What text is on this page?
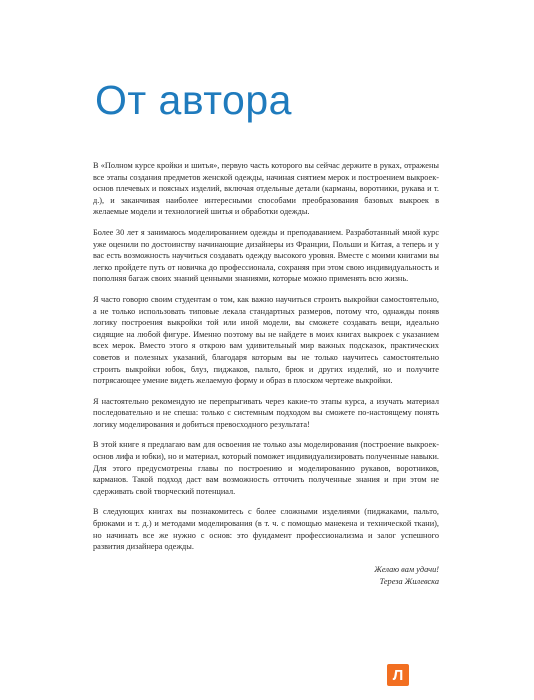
От автора

В «Полном курсе кройки и шитья», первую часть которого вы сейчас держите в руках, отражены все этапы создания предметов женской одежды, начиная снятием мерок и построением выкроек-основ плечевых и поясных изделий, включая отдельные детали (карманы, воротники, рукава и т. д.), и заканчивая наиболее интересными способами преобразования базовых выкроек в желаемые модели и технологией шитья и обработки одежды.

Более 30 лет я занимаюсь моделированием одежды и преподаванием. Разработанный мной курс уже оценили по достоинству начинающие дизайнеры из Франции, Польши и Китая, а теперь и у вас есть возможность научиться создавать одежду высокого уровня. Вместе с моими книгами вы легко пройдете путь от новичка до профессионала, сохраняя при этом свою индивидуальность и пополняя багаж своих знаний ценными знаниями, которые можно применять всю жизнь.

Я часто говорю своим студентам о том, как важно научиться строить выкройки самостоятельно, а не только использовать типовые лекала стандартных размеров, потому что, однажды поняв логику построения выкройки той или иной модели, вы сможете создавать вещи, идеально сидящие на любой фигуре. Именно поэтому вы не найдете в моих книгах выкроек с указанием всех мерок. Вместо этого я открою вам удивительный мир важных подсказок, практических советов и полезных указаний, благодаря которым вы не только научитесь самостоятельно строить выкройки юбок, блуз, пиджаков, пальто, брюк и других изделий, но и получите потрясающее умение видеть желаемую форму и образ в плоском чертеже выкройки.

Я настоятельно рекомендую не перепрыгивать через какие-то этапы курса, а изучать материал последовательно и не спеша: только с системным подходом вы сможете по-настоящему понять логику моделирования и добиться превосходного результата!

В этой книге я предлагаю вам для освоения не только азы моделирования (построение выкроек-основ лифа и юбки), но и материал, который поможет индивидуализировать полученные навыки. Для этого предусмотрены главы по построению и моделированию рукавов, воротников, карманов. Такой подход даст вам возможность отточить полученные знания и при этом не сдерживать свой творческий потенциал.

В следующих книгах вы познакомитесь с более сложными изделиями (пиджаками, пальто, брюками и т. д.) и методами моделирования (в т. ч. с помощью манекена и технической ткани), но начинать все же нужно с основ: это фундамент профессионализма и залог успешного развития дизайнера одежды.

Желаю вам удачи!
Тереза Жилевска
Л
